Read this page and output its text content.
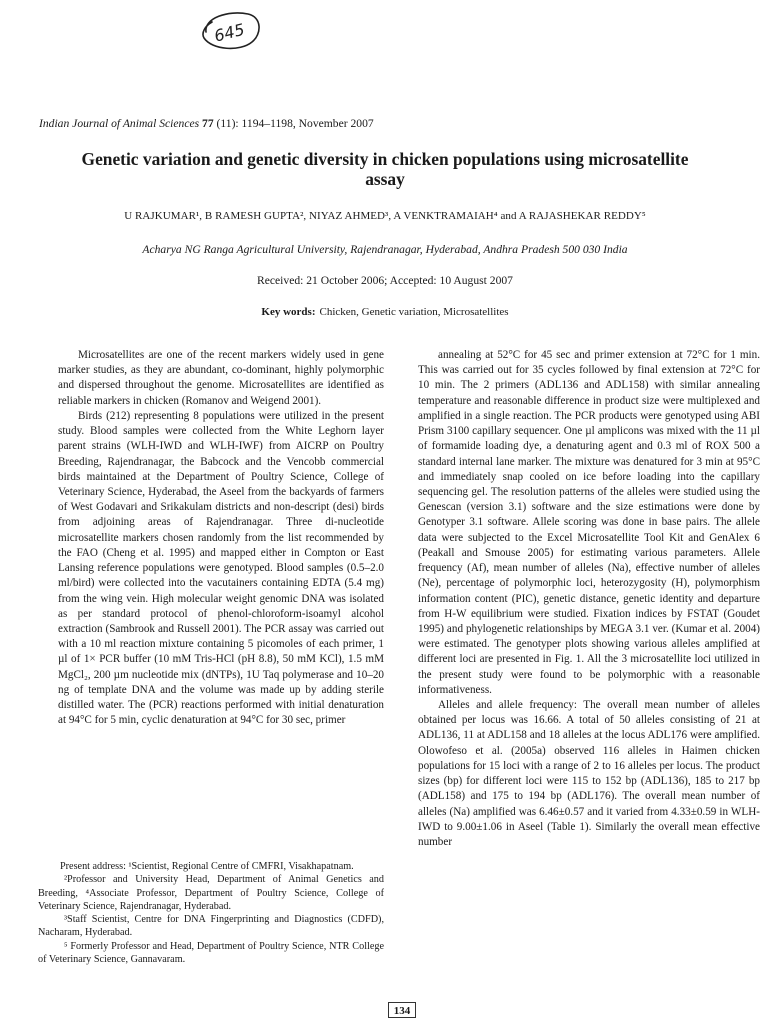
645
Indian Journal of Animal Sciences 77 (11): 1194–1198, November 2007
Genetic variation and genetic diversity in chicken populations using microsatellite assay
U RAJKUMAR¹, B RAMESH GUPTA², NIYAZ AHMED³, A VENKTRAMAIAH⁴ and A RAJASHEKAR REDDY⁵
Acharya NG Ranga Agricultural University, Rajendranagar, Hyderabad, Andhra Pradesh 500 030 India
Received: 21 October 2006; Accepted: 10 August 2007
Key words: Chicken, Genetic variation, Microsatellites

Microsatellites are one of the recent markers widely used in gene marker studies, as they are abundant, co-dominant, highly polymorphic and dispersed throughout the genome. Microsatellites are identified as reliable markers in chicken (Romanov and Weigend 2001).

Birds (212) representing 8 populations were utilized in the present study. Blood samples were collected from the White Leghorn layer parent strains (WLH-IWD and WLH-IWF) from AICRP on Poultry Breeding, Rajendranagar, the Babcock and the Vencobb commercial birds maintained at the Department of Poultry Science, College of Veterinary Science, Hyderabad, the Aseel from the backyards of farmers of West Godavari and Srikakulam districts and non-descript (desi) birds from adjoining areas of Rajendranagar. Three di-nucleotide microsatellite markers chosen randomly from the list recommended by the FAO (Cheng et al. 1995) and mapped either in Compton or East Lansing reference populations were genotyped. Blood samples (0.5–2.0 ml/bird) were collected into the vacutainers containing EDTA (5.4 mg) from the wing vein. High molecular weight genomic DNA was isolated as per standard protocol of phenol-chloroform-isoamyl alcohol extraction (Sambrook and Russell 2001). The PCR assay was carried out with a 10 ml reaction mixture containing 5 picomoles of each primer, 1 µl of 1× PCR buffer (10 mM Tris-HCl (pH 8.8), 50 mM KCl), 1.5 mM MgCl₂, 200 µm nucleotide mix (dNTPs), 1U Taq polymerase and 10–20 ng of template DNA and the volume was made up by adding sterile distilled water. The (PCR) reactions performed with initial denaturation at 94°C for 5 min, cyclic denaturation at 94°C for 30 sec, primer

annealing at 52°C for 45 sec and primer extension at 72°C for 1 min. This was carried out for 35 cycles followed by final extension at 72°C for 10 min. The 2 primers (ADL136 and ADL158) with similar annealing temperature and reasonable difference in product size were multiplexed and amplified in a single reaction. The PCR products were genotyped using ABI Prism 3100 capillary sequencer. One µl amplicons was mixed with the 11 µl of formamide loading dye, a denaturing agent and 0.3 ml of ROX 500 a standard internal lane marker. The mixture was denatured for 3 min at 95°C and immediately snap cooled on ice before loading into the capillary sequencing gel. The resolution patterns of the alleles were studied using the Genescan (version 3.1) software and the size estimations were done by Genotyper 3.1 software. Allele scoring was done in base pairs. The allele data were subjected to the Excel Microsatellite Tool Kit and GenAlex 6 (Peakall and Smouse 2005) for estimating various parameters. Allele frequency (Af), mean number of alleles (Na), effective number of alleles (Ne), percentage of polymorphic loci, heterozygosity (H), polymorphism information content (PIC), genetic distance, genetic identity and departure from H-W equilibrium were studied. Fixation indices by FSTAT (Goudet 1995) and phylogenetic relationships by MEGA 3.1 ver. (Kumar et al. 2004) were estimated. The genotyper plots showing various alleles amplified at different loci are presented in Fig. 1. All the 3 microsatellite loci utilized in the present study were found to be polymorphic with a reasonable informativeness.

Alleles and allele frequency: The overall mean number of alleles obtained per locus was 16.66. A total of 50 alleles consisting of 21 at ADL136, 11 at ADL158 and 18 alleles at the locus ADL176 were amplified. Olowofeso et al. (2005a) observed 116 alleles in Haimen chicken populations for 15 loci with a range of 2 to 16 alleles per locus. The product sizes (bp) for different loci were 115 to 152 bp (ADL136), 185 to 217 bp (ADL158) and 175 to 194 bp (ADL176). The overall mean number of alleles (Na) amplified was 6.46±0.57 and it varied from 4.33±0.59 in WLH-IWD to 9.00±1.06 in Aseel (Table 1). Similarly the overall mean effective number

Present address: ¹Scientist, Regional Centre of CMFRI, Visakhapatnam.

²Professor and University Head, Department of Animal Genetics and Breeding, ⁴Associate Professor, Department of Poultry Science, College of Veterinary Science, Rajendranagar, Hyderabad.

³Staff Scientist, Centre for DNA Fingerprinting and Diagnostics (CDFD), Nacharam, Hyderabad.

⁵ Formerly Professor and Head, Department of Poultry Science, NTR College of Veterinary Science, Gannavaram.

134
